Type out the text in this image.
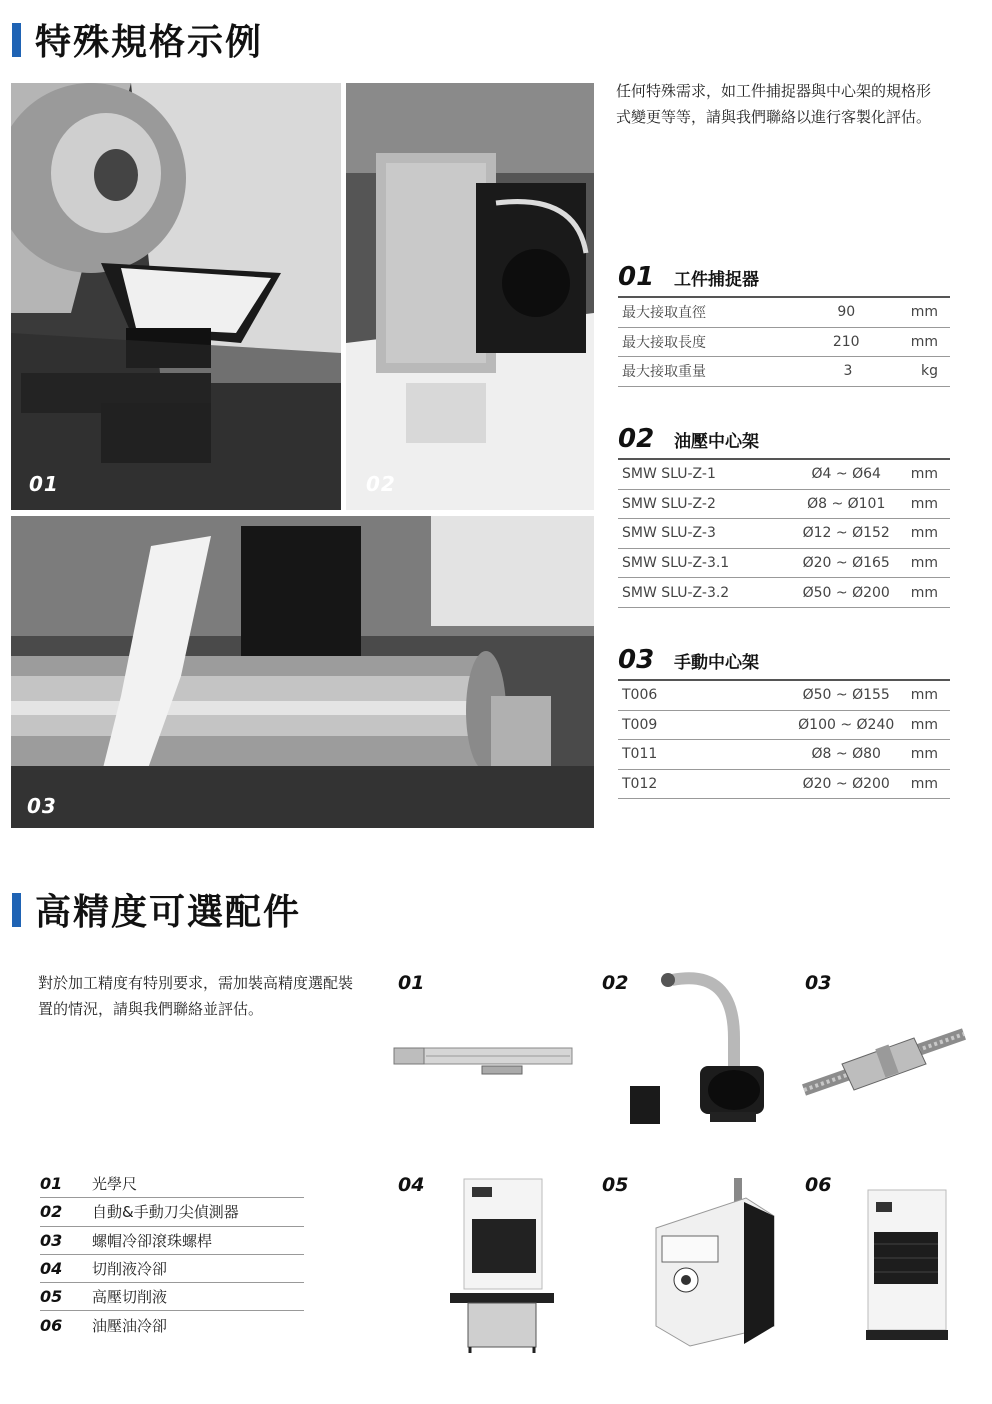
特殊規格示例
01	02
03
任何特殊需求，如工件捕捉器與中心架的規格形式變更等等，請與我們聯絡以進行客製化評估。
01	工件捕捉器
最大接取直徑	90	mm
最大接取長度	210	mm
最大接取重量	3	kg
02	油壓中心架
SMW SLU-Z-1	Ø4 ~ Ø64	mm
SMW SLU-Z-2	Ø8 ~ Ø101	mm
SMW SLU-Z-3	Ø12 ~ Ø152	mm
SMW SLU-Z-3.1	Ø20 ~ Ø165	mm
SMW SLU-Z-3.2	Ø50 ~ Ø200	mm
03	手動中心架
T006	Ø50 ~ Ø155	mm
T009	Ø100 ~ Ø240	mm
T011	Ø8 ~ Ø80	mm
T012	Ø20 ~ Ø200	mm
高精度可選配件
對於加工精度有特別要求，需加裝高精度選配裝置的情況，請與我們聯絡並評估。
01	02	03
04	05	06
01	光學尺
02	自動&手動刀尖偵測器
03	螺帽冷卻滾珠螺桿
04	切削液冷卻
05	高壓切削液
06	油壓油冷卻
